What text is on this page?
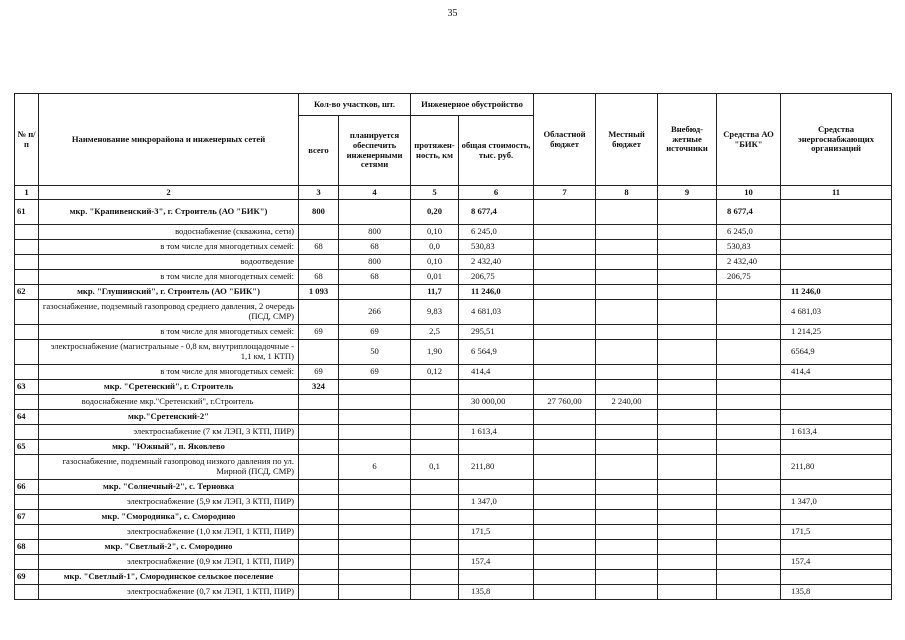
35
№ п/п	Наименование микрорайона и инженерных сетей	Кол-во участков, шт.		Инженерное обустройство		Областной бюджет	Местный бюджет	Внебюд-жетные источники	Средства АО "БИК"	Средства энергоснабжающих организаций
		всего	планируется обеспечить инженерными сетями	протяжен-ность, км	общая стоимость, тыс. руб.					
1	2	3	4	5	6	7	8	9	10	11
61	мкр. "Крапивенский-3", г. Строитель (АО "БИК")	800		0,20	8 677,4				8 677,4	
	водоснабжение (скважина, сети)		800	0,10	6 245,0				6 245,0	
	в том числе для многодетных семей:	68	68	0,0	530,83				530,83	
	водоотведение		800	0,10	2 432,40				2 432,40	
	в том числе для многодетных семей:	68	68	0,01	206,75				206,75	
62	мкр. "Глушинский", г. Строитель (АО "БИК")	1 093		11,7	11 246,0					11 246,0
	газоснабжение, подземный газопровод среднего давления, 2 очередь (ПСД, СМР)		266	9,83	4 681,03					4 681,03
	в том числе для многодетных семей:	69	69	2,5	295,51					1 214,25
	электроснабжение (магистральные - 0,8 км, внутриплощадочные - 1,1 км, 1 КТП)		50	1,90	6 564,9					6564,9
	в том числе для многодетных семей:	69	69	0,12	414,4					414,4
63	мкр. "Сретенский", г. Строитель	324								
	водоснабжение мкр."Сретенский", г.Строитель				30 000,00	27 760,00	2 240,00			
64	мкр."Сретенский-2"									
	электроснабжение (7 км ЛЭП, 3 КТП, ПИР)				1 613,4					1 613,4
65	мкр. "Южный", п. Яковлево									
	газоснабжение, подземный газопровод низкого давления по ул. Мирной (ПСД, СМР)		6	0,1	211,80					211,80
66	мкр. "Солнечный-2", с. Терновка									
	электроснабжение (5,9 км ЛЭП, 3 КТП, ПИР)				1 347,0					1 347,0
67	мкр. "Смородинка", с. Смородино									
	электроснабжение (1,0 км ЛЭП, 1 КТП, ПИР)				171,5					171,5
68	мкр. "Светлый-2", с. Смородино									
	электроснабжение (0,9 км ЛЭП, 1 КТП, ПИР)				157,4					157,4
69	мкр. "Светлый-1", Смородинское сельское поселение									
	электроснабжение (0,7 км ЛЭП, 1 КТП, ПИР)				135,8					135,8
